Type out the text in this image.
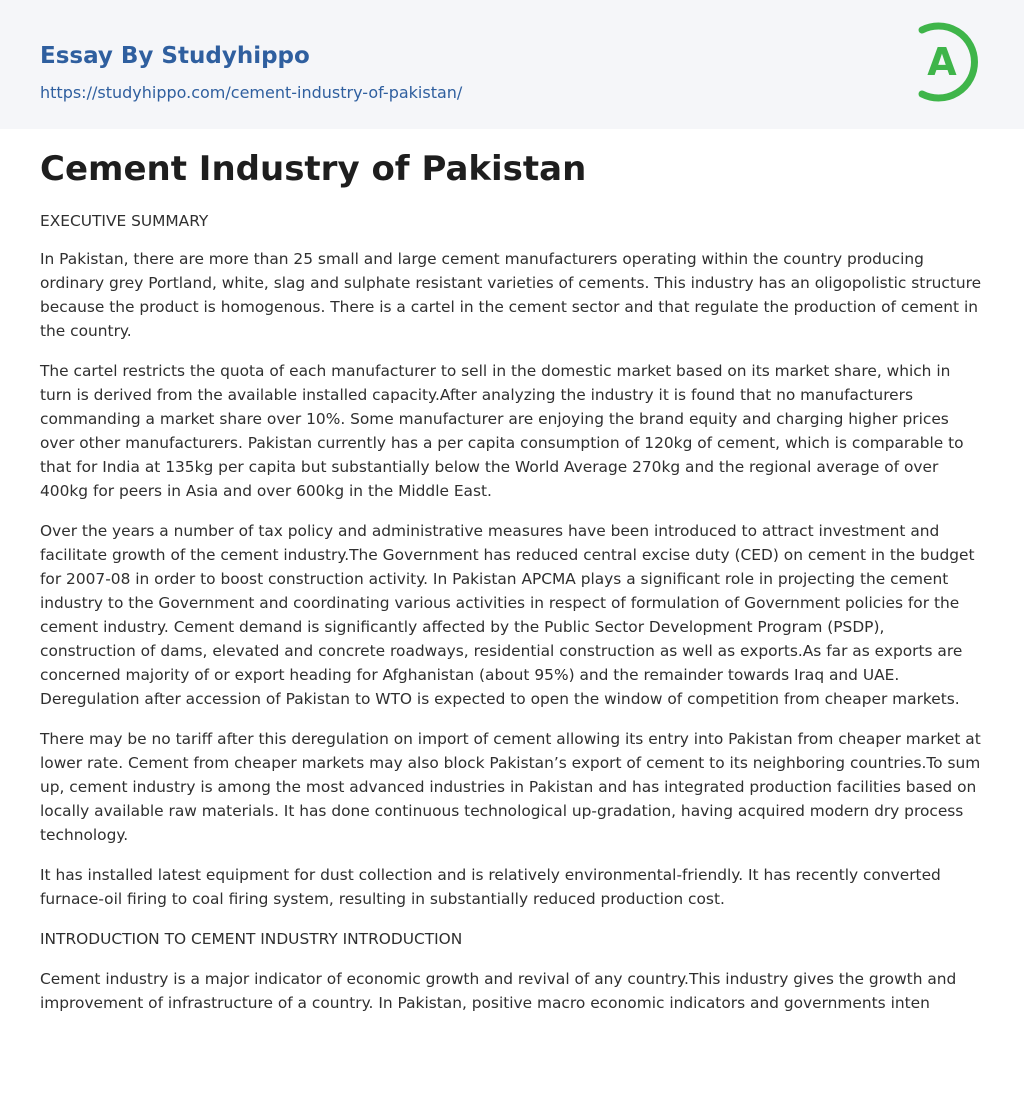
Essay By Studyhippo

https://studyhippo.com/cement-industry-of-pakistan/
A
Cement Industry of Pakistan

EXECUTIVE SUMMARY

In Pakistan, there are more than 25 small and large cement manufacturers operating within the country producing ordinary grey Portland, white, slag and sulphate resistant varieties of cements. This industry has an oligopolistic structure because the product is homogenous. There is a cartel in the cement sector and that regulate the production of cement in the country.

The cartel restricts the quota of each manufacturer to sell in the domestic market based on its market share, which in turn is derived from the available installed capacity.After analyzing the industry it is found that no manufacturers commanding a market share over 10%. Some manufacturer are enjoying the brand equity and charging higher prices over other manufacturers. Pakistan currently has a per capita consumption of 120kg of cement, which is comparable to that for India at 135kg per capita but substantially below the World Average 270kg and the regional average of over 400kg for peers in Asia and over 600kg in the Middle East.

Over the years a number of tax policy and administrative measures have been introduced to attract investment and facilitate growth of the cement industry.The Government has reduced central excise duty (CED) on cement in the budget for 2007-08 in order to boost construction activity. In Pakistan APCMA plays a significant role in projecting the cement industry to the Government and coordinating various activities in respect of formulation of Government policies for the cement industry. Cement demand is significantly affected by the Public Sector Development Program (PSDP), construction of dams, elevated and concrete roadways, residential construction as well as exports.As far as exports are concerned majority of or export heading for Afghanistan (about 95%) and the remainder towards Iraq and UAE. Deregulation after accession of Pakistan to WTO is expected to open the window of competition from cheaper markets.

There may be no tariff after this deregulation on import of cement allowing its entry into Pakistan from cheaper market at lower rate. Cement from cheaper markets may also block Pakistan’s export of cement to its neighboring countries.To sum up, cement industry is among the most advanced industries in Pakistan and has integrated production facilities based on locally available raw materials. It has done continuous technological up-gradation, having acquired modern dry process technology.

It has installed latest equipment for dust collection and is relatively environmental-friendly. It has recently converted furnace-oil firing to coal firing system, resulting in substantially reduced production cost.

INTRODUCTION TO CEMENT INDUSTRY INTRODUCTION

Cement industry is a major indicator of economic growth and revival of any country.This industry gives the growth and improvement of infrastructure of a country. In Pakistan, positive macro economic indicators and governments inten
